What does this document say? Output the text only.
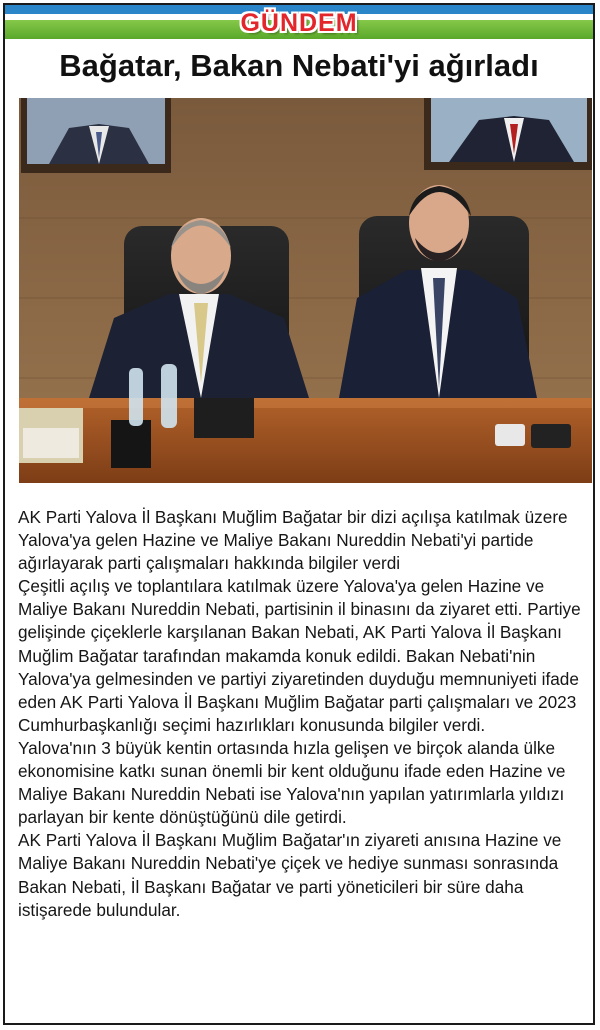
GÜNDEM
Bağatar, Bakan Nebati'yi ağırladı

AK Parti Yalova İl Başkanı Muğlim Bağatar bir dizi açılışa katılmak üzere Yalova'ya gelen Hazine ve Maliye Bakanı Nureddin Nebati'yi partide ağırlayarak parti çalışmaları hakkında bilgiler verdi

Çeşitli açılış ve toplantılara katılmak üzere Yalova'ya gelen Hazine ve Maliye Bakanı Nureddin Nebati, partisinin il binasını da ziyaret etti. Partiye gelişinde çiçeklerle karşılanan Bakan Nebati, AK Parti Yalova İl Başkanı Muğlim Bağatar tarafından makamda konuk edildi. Bakan Nebati'nin Yalova'ya gelmesinden ve partiyi ziyaretinden duyduğu memnuniyeti ifade eden AK Parti Yalova İl Başkanı Muğlim Bağatar parti çalışmaları ve 2023 Cumhurbaşkanlığı seçimi hazırlıkları konusunda bilgiler verdi.

Yalova'nın 3 büyük kentin ortasında hızla gelişen ve birçok alanda ülke ekonomisine katkı sunan önemli bir kent olduğunu ifade eden Hazine ve Maliye Bakanı Nureddin Nebati ise Yalova'nın yapılan yatırımlarla yıldızı parlayan bir kente dönüştüğünü dile getirdi.

AK Parti Yalova İl Başkanı Muğlim Bağatar'ın ziyareti anısına Hazine ve Maliye Bakanı Nureddin Nebati'ye çiçek ve hediye sunması sonrasında Bakan Nebati, İl Başkanı Bağatar ve parti yöneticileri bir süre daha istişarede bulundular.
